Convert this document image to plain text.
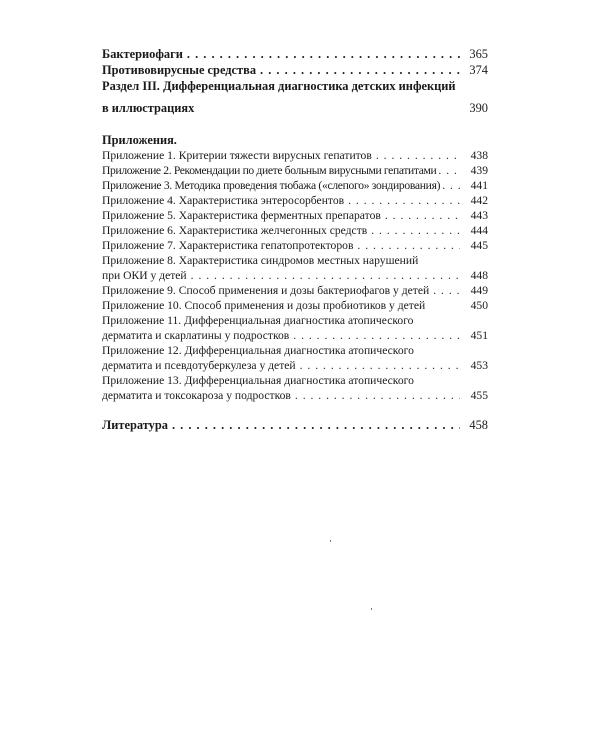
Бактериофаги . . .	365
Противовирусные средства . . .	374
Раздел III. Дифференциальная диагностика детских инфекций
в иллюстрациях	390
Приложения.
Приложение 1. Критерии тяжести вирусных гепатитов . . .	438
Приложение 2. Рекомендации по диете больным вирусными гепатитами . . .	439
Приложение 3. Методика проведения тюбажа («слепого» зондирования) . . .	441
Приложение 4. Характеристика энтеросорбентов . . .	442
Приложение 5. Характеристика ферментных препаратов . . .	443
Приложение 6. Характеристика желчегонных средств . . .	444
Приложение 7. Характеристика гепатопротекторов . . .	445
Приложение 8. Характеристика синдромов местных нарушений
при ОКИ у детей . . .	448
Приложение 9. Способ применения и дозы бактериофагов у детей . . .	449
Приложение 10. Способ применения и дозы пробиотиков у детей	450
Приложение 11. Дифференциальная диагностика атопического
дерматита и скарлатины у подростков . . .	451
Приложение 12. Дифференциальная диагностика атопического
дерматита и псевдотуберкулеза у детей . . .	453
Приложение 13. Дифференциальная диагностика атопического
дерматита и токсокароза у подростков . . .	455
Литература . . .	458
